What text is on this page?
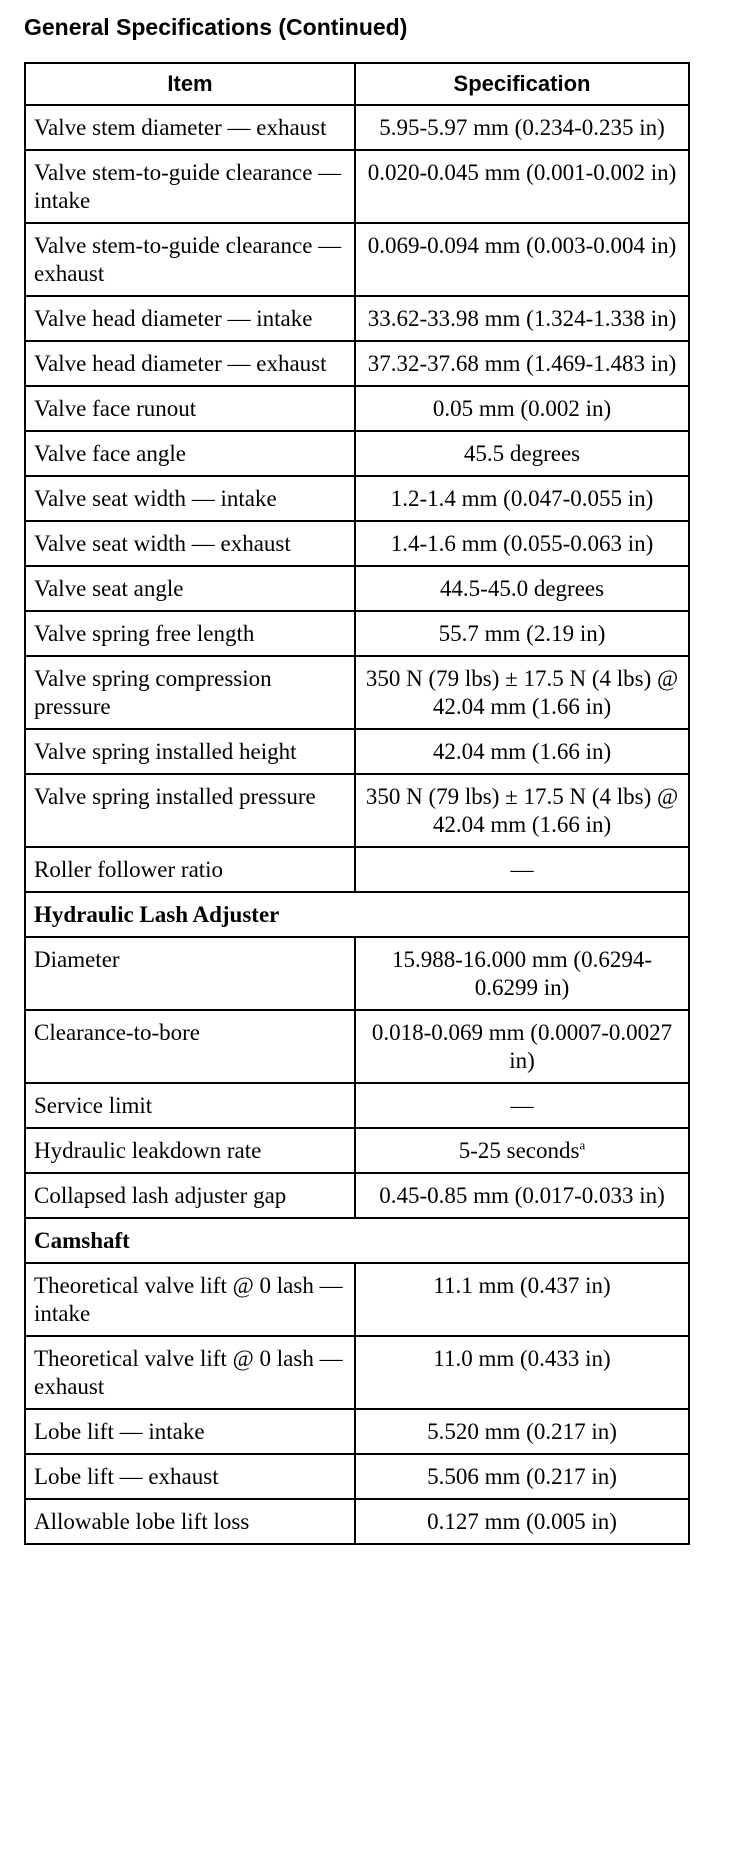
General Specifications (Continued)
Item	Specification
Valve stem diameter — exhaust	5.95-5.97 mm (0.234-0.235 in)
Valve stem-to-guide clearance — intake	0.020-0.045 mm (0.001-0.002 in)
Valve stem-to-guide clearance — exhaust	0.069-0.094 mm (0.003-0.004 in)
Valve head diameter — intake	33.62-33.98 mm (1.324-1.338 in)
Valve head diameter — exhaust	37.32-37.68 mm (1.469-1.483 in)
Valve face runout	0.05 mm (0.002 in)
Valve face angle	45.5 degrees
Valve seat width — intake	1.2-1.4 mm (0.047-0.055 in)
Valve seat width — exhaust	1.4-1.6 mm (0.055-0.063 in)
Valve seat angle	44.5-45.0 degrees
Valve spring free length	55.7 mm (2.19 in)
Valve spring compression pressure	350 N (79 lbs) ± 17.5 N (4 lbs) @ 42.04 mm (1.66 in)
Valve spring installed height	42.04 mm (1.66 in)
Valve spring installed pressure	350 N (79 lbs) ± 17.5 N (4 lbs) @ 42.04 mm (1.66 in)
Roller follower ratio	—
Hydraulic Lash Adjuster	
Diameter	15.988-16.000 mm (0.6294-0.6299 in)
Clearance-to-bore	0.018-0.069 mm (0.0007-0.0027 in)
Service limit	—
Hydraulic leakdown rate	5-25 seconds$^a$
Collapsed lash adjuster gap	0.45-0.85 mm (0.017-0.033 in)
Camshaft	
Theoretical valve lift @ 0 lash — intake	11.1 mm (0.437 in)
Theoretical valve lift @ 0 lash — exhaust	11.0 mm (0.433 in)
Lobe lift — intake	5.520 mm (0.217 in)
Lobe lift — exhaust	5.506 mm (0.217 in)
Allowable lobe lift loss	0.127 mm (0.005 in)
